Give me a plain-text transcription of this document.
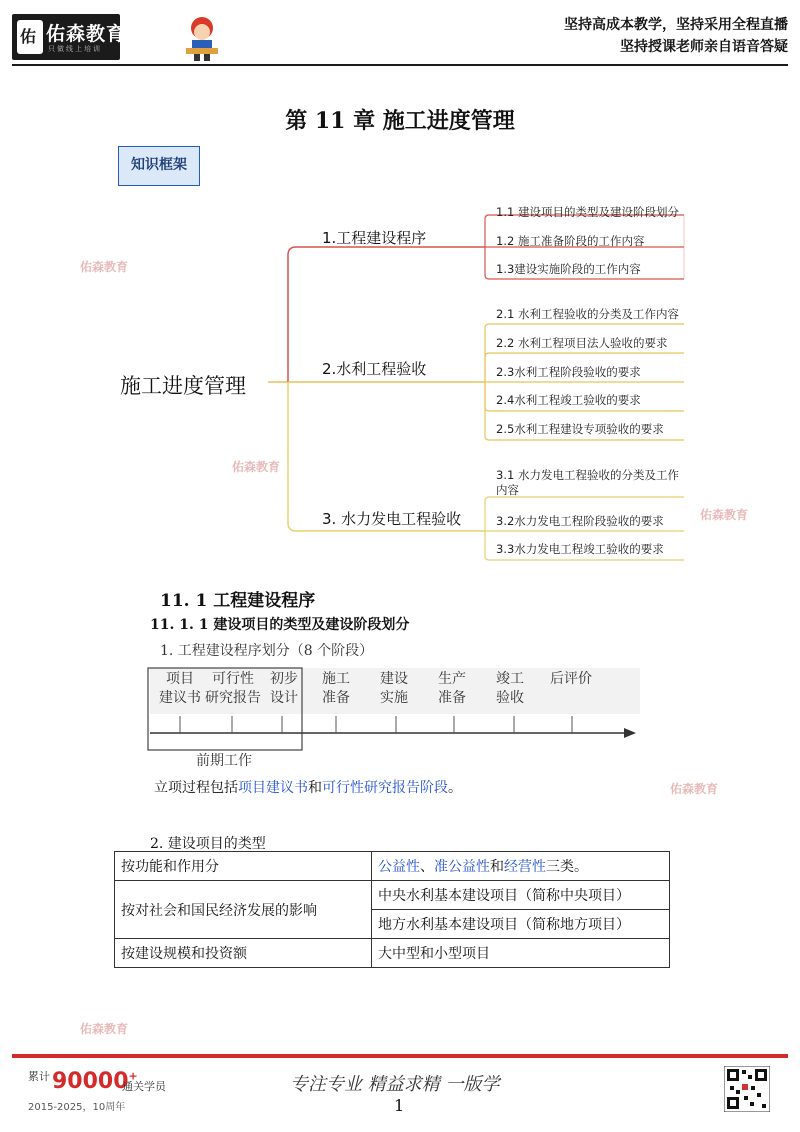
佑 佑森教育
只做线上培训
坚持高成本教学，坚持采用全程直播
坚持授课老师亲自语音答疑
佑森教育
佑森教育
佑森教育
佑森教育
佑森教育
第 11 章 施工进度管理
知识框架
施工进度管理
1.工程建设程序
2.水利工程验收
3. 水力发电工程验收
1.1 建设项目的类型及建设阶段划分
1.2 施工准备阶段的工作内容
1.3建设实施阶段的工作内容
2.1 水利工程验收的分类及工作内容
2.2 水利工程项目法人验收的要求
2.3水利工程阶段验收的要求
2.4水利工程竣工验收的要求
2.5水利工程建设专项验收的要求
3.1 水力发电工程验收的分类及工作内容
3.2水力发电工程阶段验收的要求
3.3水力发电工程竣工验收的要求
11. 1 工程建设程序
11. 1. 1 建设项目的类型及建设阶段划分
1. 工程建设程序划分（8 个阶段）
项目
建议书
可行性
研究报告
初步
设计
施工
准备
建设
实施
生产
准备
竣工
验收
后评价
前期工作
立项过程包括项目建议书和可行性研究报告阶段。
2. 建设项目的类型
按功能和作用分	公益性、准公益性和经营性三类。
按对社会和国民经济发展的影响	中央水利基本建设项目（简称中央项目）
	地方水利基本建设项目（简称地方项目）
按建设规模和投资额	大中型和小型项目
累计 90000+
通关学员
2015-2025，10周年
专注专业 精益求精 一版学
1
